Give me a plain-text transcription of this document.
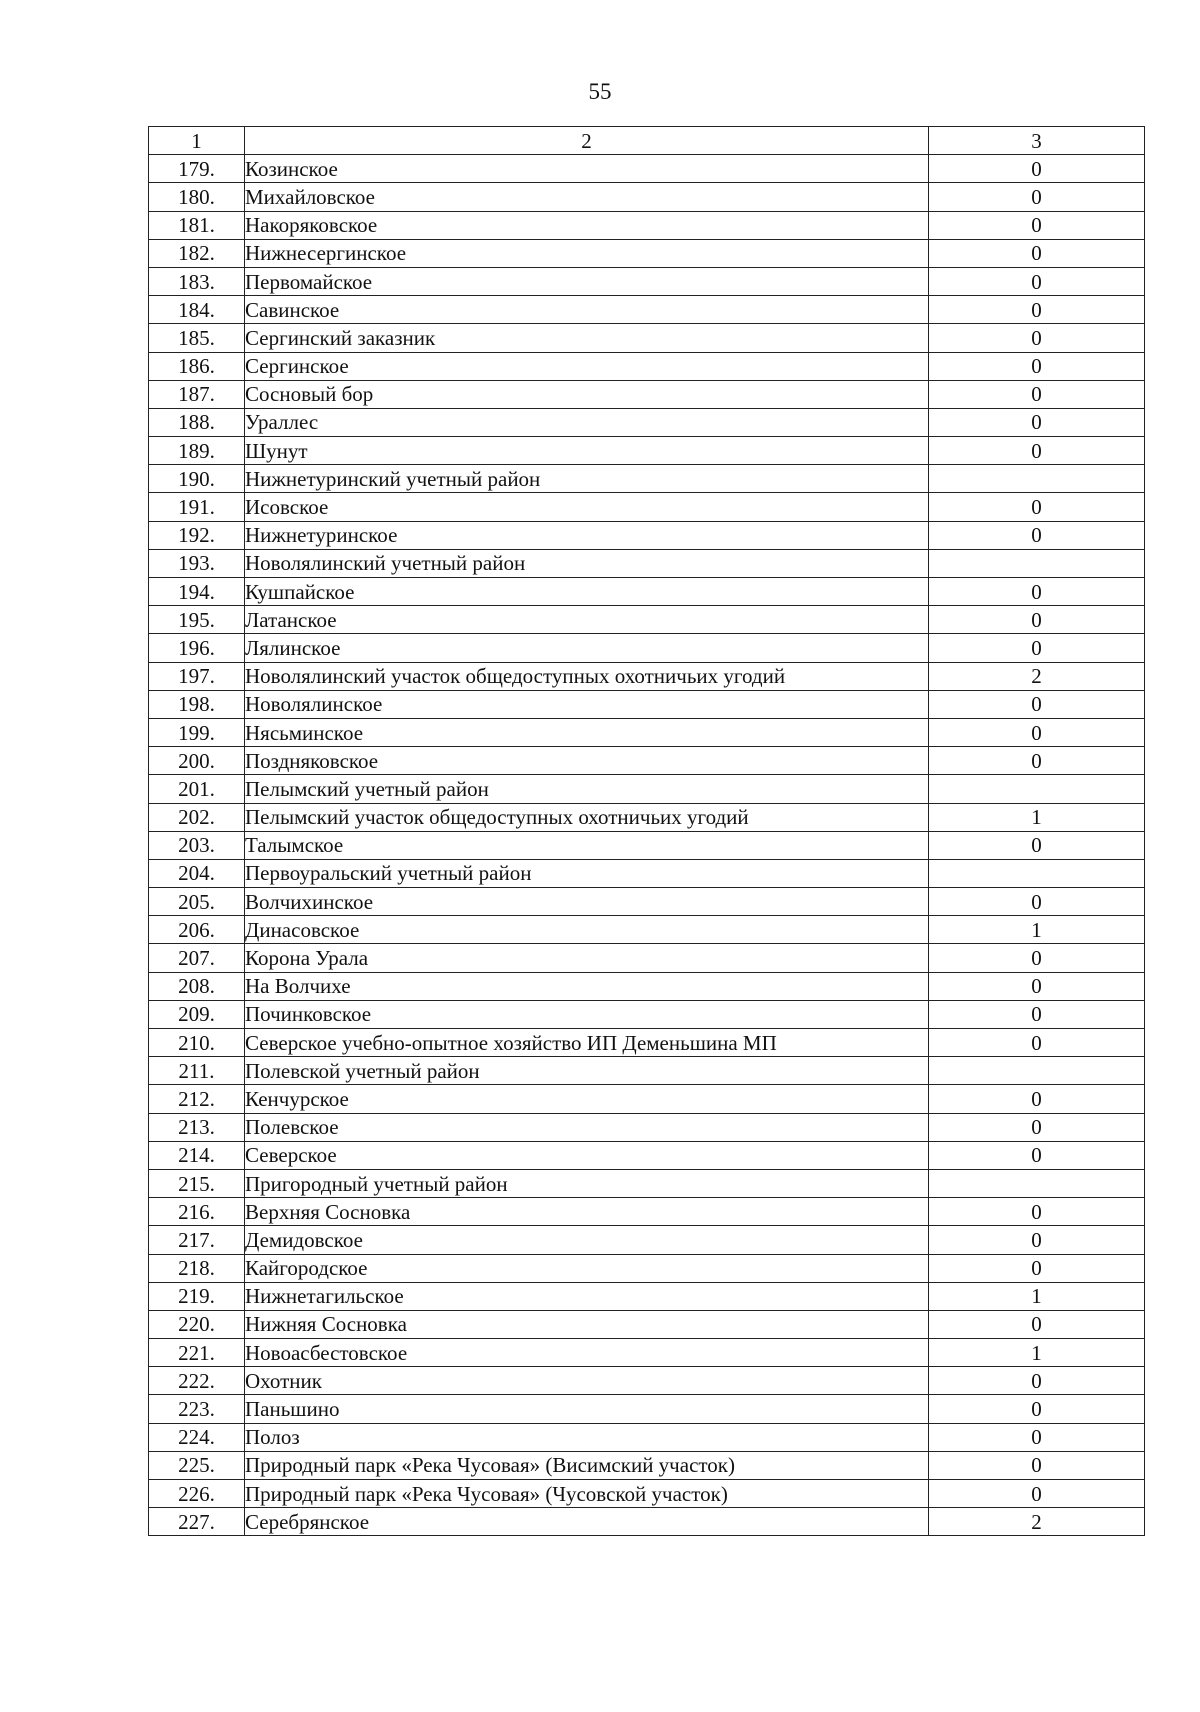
55
1	2	3
179.	Козинское	0
180.	Михайловское	0
181.	Накоряковское	0
182.	Нижнесергинское	0
183.	Первомайское	0
184.	Савинское	0
185.	Сергинский заказник	0
186.	Сергинское	0
187.	Сосновый бор	0
188.	Ураллес	0
189.	Шунут	0
190.	Нижнетуринский учетный район	
191.	Исовское	0
192.	Нижнетуринское	0
193.	Новолялинский учетный район	
194.	Кушпайское	0
195.	Латанское	0
196.	Лялинское	0
197.	Новолялинский участок общедоступных охотничьих угодий	2
198.	Новолялинское	0
199.	Нясьминское	0
200.	Поздняковское	0
201.	Пелымский учетный район	
202.	Пелымский участок общедоступных охотничьих угодий	1
203.	Талымское	0
204.	Первоуральский учетный район	
205.	Волчихинское	0
206.	Динасовское	1
207.	Корона Урала	0
208.	На Волчихе	0
209.	Починковское	0
210.	Северское учебно-опытное хозяйство ИП Деменьшина МП	0
211.	Полевской учетный район	
212.	Кенчурское	0
213.	Полевское	0
214.	Северское	0
215.	Пригородный учетный район	
216.	Верхняя Сосновка	0
217.	Демидовское	0
218.	Кайгородское	0
219.	Нижнетагильское	1
220.	Нижняя Сосновка	0
221.	Новоасбестовское	1
222.	Охотник	0
223.	Паньшино	0
224.	Полоз	0
225.	Природный парк «Река Чусовая» (Висимский участок)	0
226.	Природный парк «Река Чусовая» (Чусовской участок)	0
227.	Серебрянское	2
